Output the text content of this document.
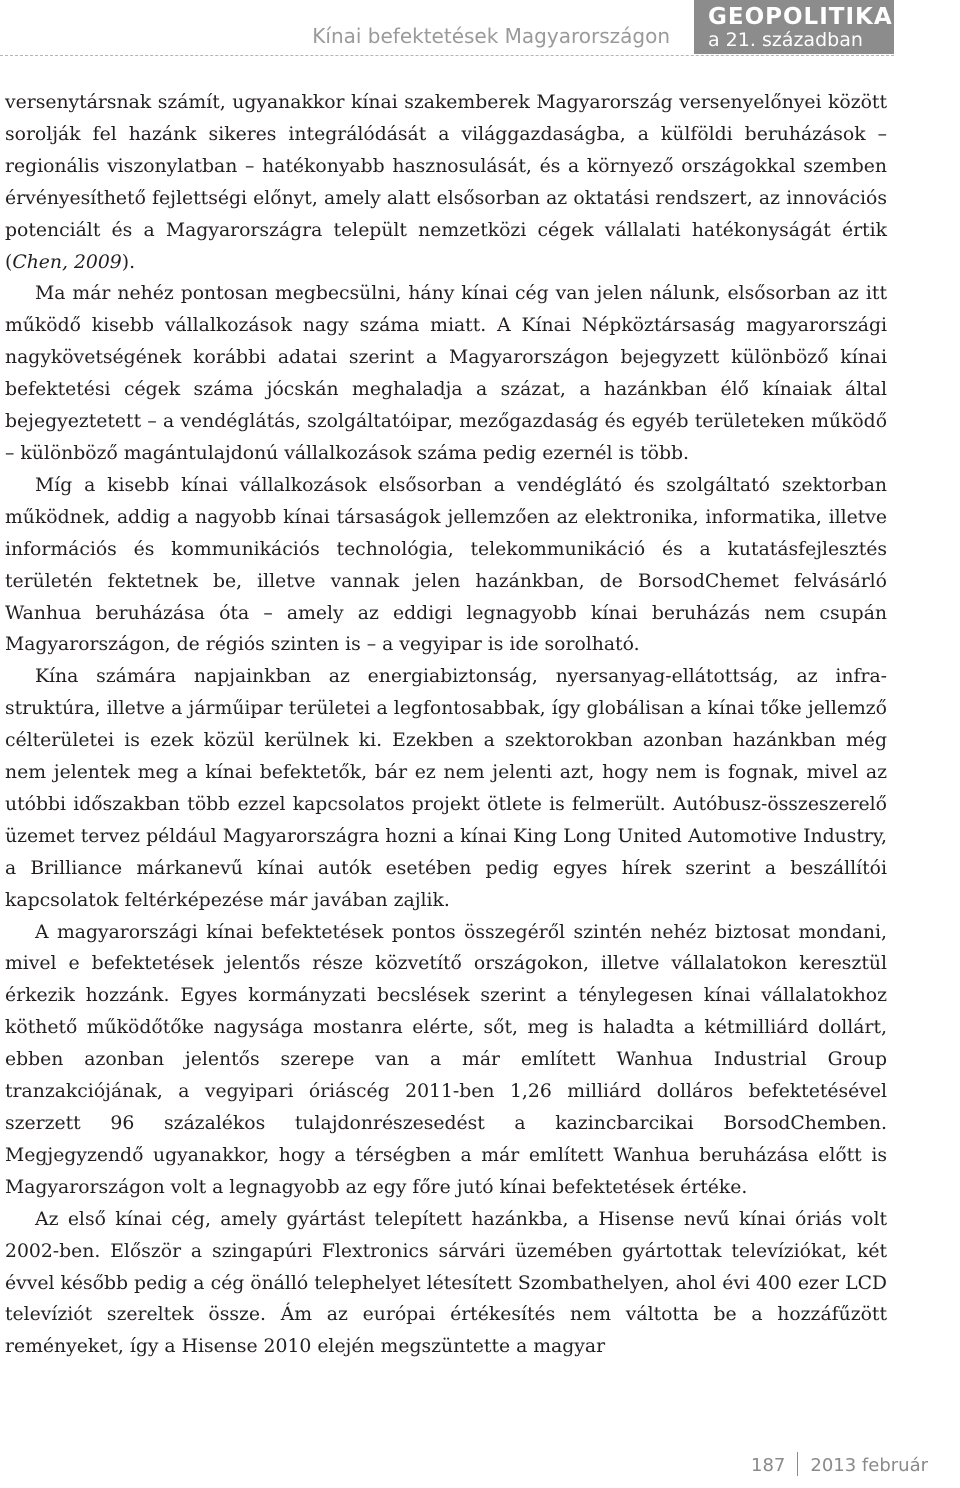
Kínai befektetések Magyarországon
GEOPOLITIKA
a 21. században

versenytársnak számít, ugyanakkor kínai szakemberek Magyarország versenyelőnyei között sorolják fel hazánk sikeres integrálódását a világgazdaságba, a külföldi beruházások – regionális viszonylatban – hatékonyabb hasznosulását, és a környező országokkal szemben érvényesíthető fejlettségi előnyt, amely alatt elsősorban az oktatási rendszert, az innovációs potenciált és a Magyarországra települt nemzetközi cégek vállalati hatékonyságát értik (Chen, 2009).

Ma már nehéz pontosan megbecsülni, hány kínai cég van jelen nálunk, elsősorban az itt működő kisebb vállalkozások nagy száma miatt. A Kínai Népköztársaság magyarországi nagykövetségének korábbi adatai szerint a Magyarországon bejegyzett különböző kínai befektetési cégek száma jócskán meghaladja a százat, a hazánkban élő kínaiak által bejegyeztetett – a vendéglátás, szolgáltatóipar, mezőgazdaság és egyéb területeken működő – különböző magántulajdonú vállalkozások száma pedig ezernél is több.

Míg a kisebb kínai vállalkozások elsősorban a vendéglátó és szolgáltató szektorban működnek, addig a nagyobb kínai társaságok jellemzően az elektronika, informatika, illetve információs és kommunikációs technológia, telekommunikáció és a kutatásfejlesztés területén fektetnek be, illetve vannak jelen hazánkban, de BorsodChemet felvásárló Wanhua beruházása óta – amely az eddigi legnagyobb kínai beruházás nem csupán Magyarországon, de régiós szinten is – a vegyipar is ide sorolható.

Kína számára napjainkban az energiabiztonság, nyersanyag-ellátottság, az infrastruktúra, illetve a járműipar területei a legfontosabbak, így globálisan a kínai tőke jellemző célterületei is ezek közül kerülnek ki. Ezekben a szektorokban azonban hazánkban még nem jelentek meg a kínai befektetők, bár ez nem jelenti azt, hogy nem is fognak, mivel az utóbbi időszakban több ezzel kapcsolatos projekt ötlete is felmerült. Autóbusz-összeszerelő üzemet tervez például Magyarországra hozni a kínai King Long United Automotive Industry, a Brilliance márkanevű kínai autók esetében pedig egyes hírek szerint a beszállítói kapcsolatok feltérképezése már javában zajlik.

A magyarországi kínai befektetések pontos összegéről szintén nehéz biztosat mondani, mivel e befektetések jelentős része közvetítő országokon, illetve vállalatokon keresztül érkezik hozzánk. Egyes kormányzati becslések szerint a ténylegesen kínai vállalatokhoz köthető működőtőke nagysága mostanra elérte, sőt, meg is haladta a kétmilliárd dollárt, ebben azonban jelentős szerepe van a már említett Wanhua Industrial Group tranzakciójának, a vegyipari óriáscég 2011-ben 1,26 milliárd dolláros befektetésével szerzett 96 százalékos tulajdonrészesedést a kazincbarcikai BorsodChemben. Megjegyzendő ugyanakkor, hogy a térségben a már említett Wanhua beruházása előtt is Magyarországon volt a legnagyobb az egy főre jutó kínai befektetések értéke.

Az első kínai cég, amely gyártást telepített hazánkba, a Hisense nevű kínai óriás volt 2002-ben. Először a szingapúri Flextronics sárvári üzemében gyártottak televíziókat, két évvel később pedig a cég önálló telephelyet létesített Szombathelyen, ahol évi 400 ezer LCD televíziót szereltek össze. Ám az európai értékesítés nem váltotta be a hozzáfűzött reményeket, így a Hisense 2010 elején megszüntette a magyar

187 2013 február
